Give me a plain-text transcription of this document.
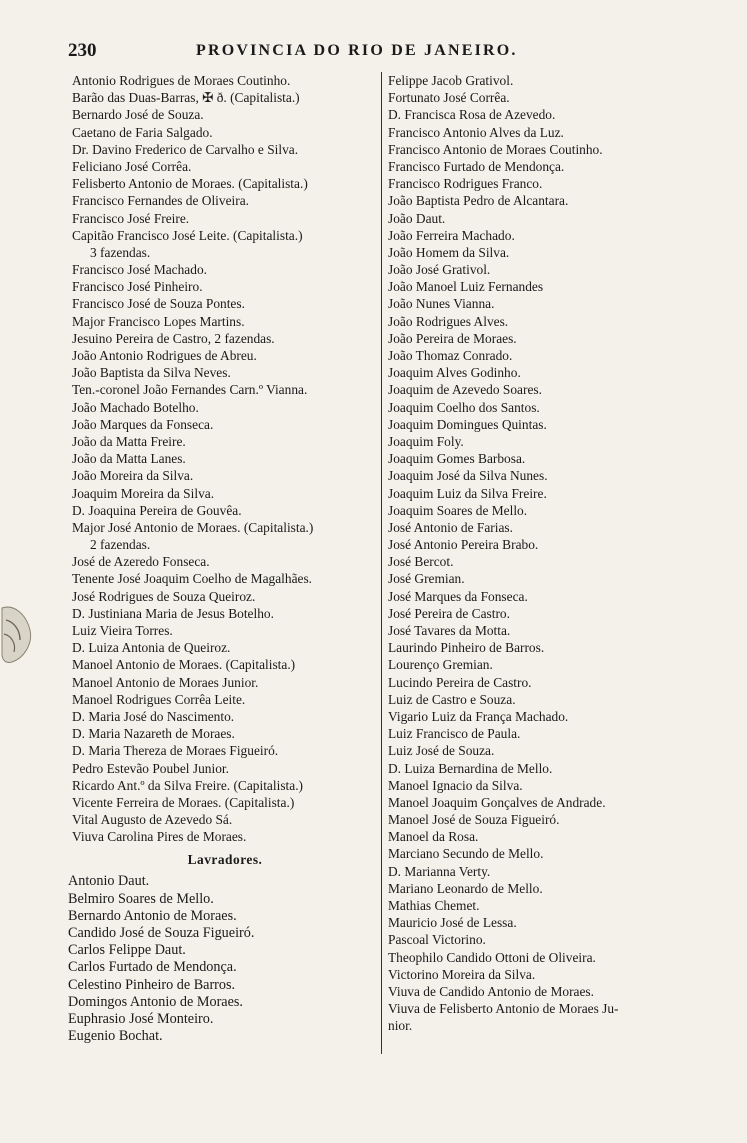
230	PROVINCIA DO RIO DE JANEIRO.
Antonio Rodrigues de Moraes Coutinho.
Barão das Duas-Barras, ✠ ð. (Capitalista.)
Bernardo José de Souza.
Caetano de Faria Salgado.
Dr. Davino Frederico de Carvalho e Silva.
Feliciano José Corrêa.
Felisberto Antonio de Moraes. (Capitalista.)
Francisco Fernandes de Oliveira.
Francisco José Freire.
Capitão Francisco José Leite. (Capitalista.)
3 fazendas.
Francisco José Machado.
Francisco José Pinheiro.
Francisco José de Souza Pontes.
Major Francisco Lopes Martins.
Jesuino Pereira de Castro, 2 fazendas.
João Antonio Rodrigues de Abreu.
João Baptista da Silva Neves.
Ten.-coronel João Fernandes Carn.º Vianna.
João Machado Botelho.
João Marques da Fonseca.
João da Matta Freire.
João da Matta Lanes.
João Moreira da Silva.
Joaquim Moreira da Silva.
D. Joaquina Pereira de Gouvêa.
Major José Antonio de Moraes. (Capitalista.)
2 fazendas.
José de Azeredo Fonseca.
Tenente José Joaquim Coelho de Magalhães.
José Rodrigues de Souza Queiroz.
D. Justiniana Maria de Jesus Botelho.
Luiz Vieira Torres.
D. Luiza Antonia de Queiroz.
Manoel Antonio de Moraes. (Capitalista.)
Manoel Antonio de Moraes Junior.
Manoel Rodrigues Corrêa Leite.
D. Maria José do Nascimento.
D. Maria Nazareth de Moraes.
D. Maria Thereza de Moraes Figueiró.
Pedro Estevão Poubel Junior.
Ricardo Ant.º da Silva Freire. (Capitalista.)
Vicente Ferreira de Moraes. (Capitalista.)
Vital Augusto de Azevedo Sá.
Viuva Carolina Pires de Moraes.
Lavradores.
Antonio Daut.
Belmiro Soares de Mello.
Bernardo Antonio de Moraes.
Candido José de Souza Figueiró.
Carlos Felippe Daut.
Carlos Furtado de Mendonça.
Celestino Pinheiro de Barros.
Domingos Antonio de Moraes.
Euphrasio José Monteiro.
Eugenio Bochat.
Felippe Jacob Grativol.
Fortunato José Corrêa.
D. Francisca Rosa de Azevedo.
Francisco Antonio Alves da Luz.
Francisco Antonio de Moraes Coutinho.
Francisco Furtado de Mendonça.
Francisco Rodrigues Franco.
João Baptista Pedro de Alcantara.
João Daut.
João Ferreira Machado.
João Homem da Silva.
João José Grativol.
João Manoel Luiz Fernandes
João Nunes Vianna.
João Rodrigues Alves.
João Pereira de Moraes.
João Thomaz Conrado.
Joaquim Alves Godinho.
Joaquim de Azevedo Soares.
Joaquim Coelho dos Santos.
Joaquim Domingues Quintas.
Joaquim Foly.
Joaquim Gomes Barbosa.
Joaquim José da Silva Nunes.
Joaquim Luiz da Silva Freire.
Joaquim Soares de Mello.
José Antonio de Farias.
José Antonio Pereira Brabo.
José Bercot.
José Gremian.
José Marques da Fonseca.
José Pereira de Castro.
José Tavares da Motta.
Laurindo Pinheiro de Barros.
Lourenço Gremian.
Lucindo Pereira de Castro.
Luiz de Castro e Souza.
Vigario Luiz da França Machado.
Luiz Francisco de Paula.
Luiz José de Souza.
D. Luiza Bernardina de Mello.
Manoel Ignacio da Silva.
Manoel Joaquim Gonçalves de Andrade.
Manoel José de Souza Figueiró.
Manoel da Rosa.
Marciano Secundo de Mello.
D. Marianna Verty.
Mariano Leonardo de Mello.
Mathias Chemet.
Mauricio José de Lessa.
Pascoal Victorino.
Theophilo Candido Ottoni de Oliveira.
Victorino Moreira da Silva.
Viuva de Candido Antonio de Moraes.
Viuva de Felisberto Antonio de Moraes Ju-
nior.
